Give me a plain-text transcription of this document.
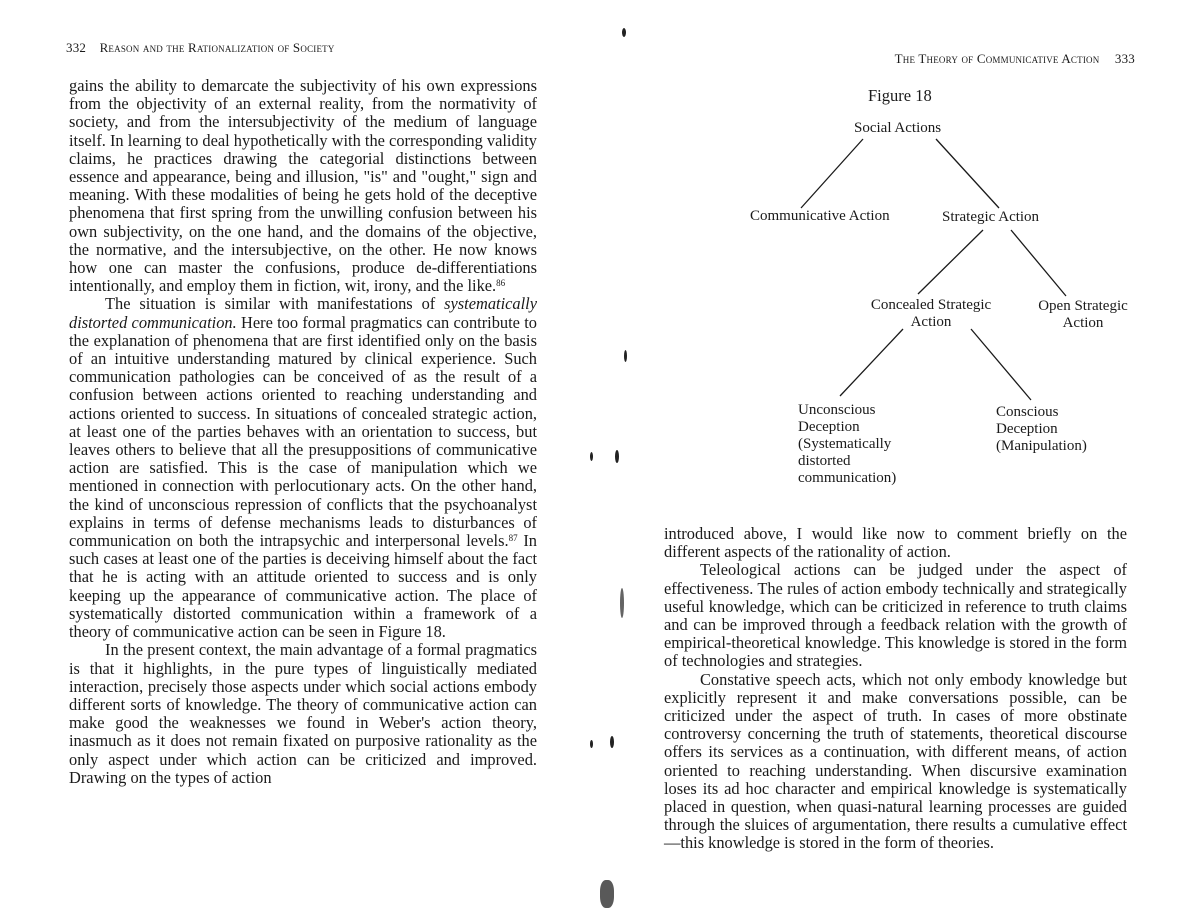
332 Reason and the Rationalization of Society

gains the ability to demarcate the subjectivity of his own expressions from the objectivity of an external reality, from the normativity of society, and from the intersubjectivity of the medium of language itself. In learning to deal hypothetically with the corresponding validity claims, he practices drawing the categorial distinctions between essence and appearance, being and illusion, "is" and "ought," sign and meaning. With these modalities of being he gets hold of the deceptive phenomena that first spring from the unwilling confusion between his own subjectivity, on the one hand, and the domains of the objective, the normative, and the intersubjective, on the other. He now knows how one can master the confusions, produce de-differentiations intentionally, and employ them in fiction, wit, irony, and the like.$^{86}$

The situation is similar with manifestations of systematically distorted communication. Here too formal pragmatics can contribute to the explanation of phenomena that are first identified only on the basis of an intuitive understanding matured by clinical experience. Such communication pathologies can be conceived of as the result of a confusion between actions oriented to reaching understanding and actions oriented to success. In situations of concealed strategic action, at least one of the parties behaves with an orientation to success, but leaves others to believe that all the presuppositions of communicative action are satisfied. This is the case of manipulation which we mentioned in connection with perlocutionary acts. On the other hand, the kind of unconscious repression of conflicts that the psychoanalyst explains in terms of defense mechanisms leads to disturbances of communication on both the intrapsychic and interpersonal levels.$^{87}$ In such cases at least one of the parties is deceiving himself about the fact that he is acting with an attitude oriented to success and is only keeping up the appearance of communicative action. The place of systematically distorted communication within a framework of a theory of communicative action can be seen in Figure 18.

In the present context, the main advantage of a formal pragmatics is that it highlights, in the pure types of linguistically mediated interaction, precisely those aspects under which social actions embody different sorts of knowledge. The theory of communicative action can make good the weaknesses we found in Weber's action theory, inasmuch as it does not remain fixated on purposive rationality as the only aspect under which action can be criticized and improved. Drawing on the types of action

The Theory of Communicative Action 333
Figure 18
Social Actions
Communicative Action	Strategic Action
Concealed Strategic
Action
Open Strategic
Action
Unconscious
Deception
(Systematically
distorted
communication)
Conscious
Deception
(Manipulation)

introduced above, I would like now to comment briefly on the different aspects of the rationality of action.

Teleological actions can be judged under the aspect of effectiveness. The rules of action embody technically and strategically useful knowledge, which can be criticized in reference to truth claims and can be improved through a feedback relation with the growth of empirical-theoretical knowledge. This knowledge is stored in the form of technologies and strategies.

Constative speech acts, which not only embody knowledge but explicitly represent it and make conversations possible, can be criticized under the aspect of truth. In cases of more obstinate controversy concerning the truth of statements, theoretical discourse offers its services as a continuation, with different means, of action oriented to reaching understanding. When discursive examination loses its ad hoc character and empirical knowledge is systematically placed in question, when quasi-natural learning processes are guided through the sluices of argumentation, there results a cumulative effect—this knowledge is stored in the form of theories.
